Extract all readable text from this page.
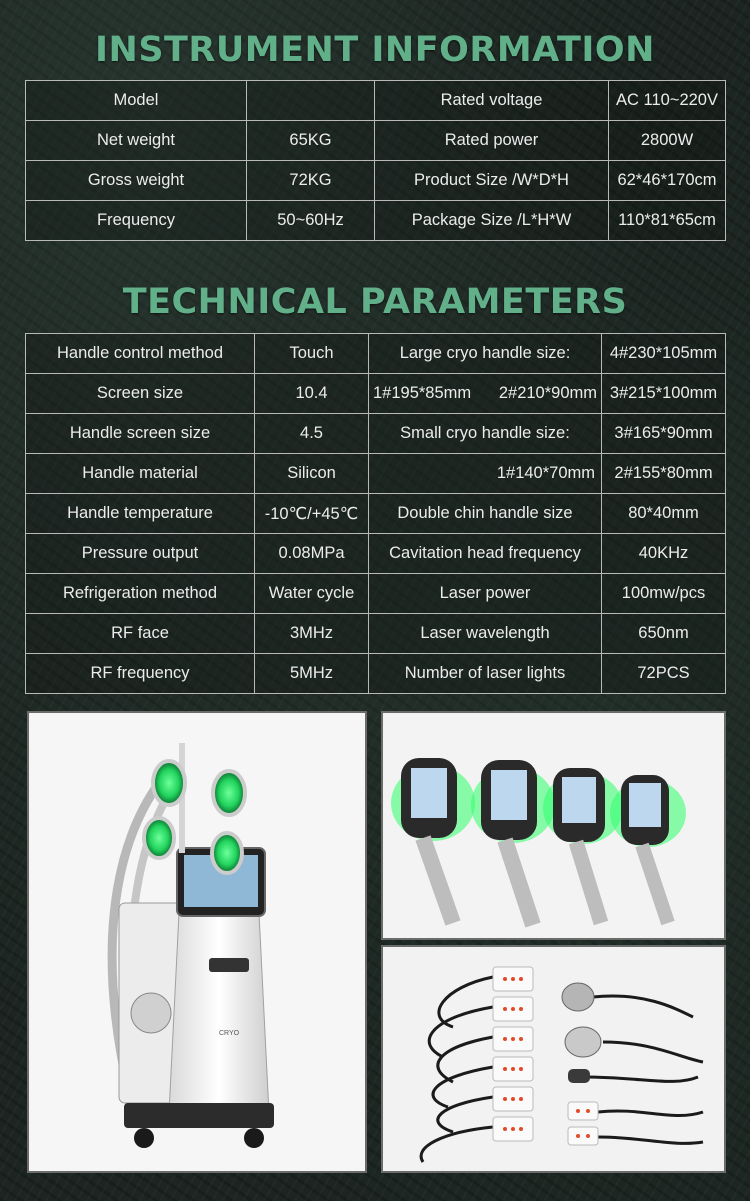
INSTRUMENT INFORMATION
Model		Rated voltage	AC 110~220V
Net weight	65KG	Rated power	2800W
Gross weight	72KG	Product Size /W*D*H	62*46*170cm
Frequency	50~60Hz	Package Size /L*H*W	110*81*65cm
TECHNICAL PARAMETERS
Handle control method	Touch	Large cryo handle size:	4#230*105mm
Screen size	10.4	1#195*85mm 2#210*90mm	3#215*100mm
Handle screen size	4.5	Small cryo handle size:	3#165*90mm
Handle material	Silicon	1#140*70mm	2#155*80mm
Handle temperature	-10℃/+45℃	Double chin handle size	80*40mm
Pressure output	0.08MPa	Cavitation head frequency	40KHz
Refrigeration method	Water cycle	Laser power	100mw/pcs
RF face	3MHz	Laser wavelength	650nm
RF frequency	5MHz	Number of laser lights	72PCS
CRYO
